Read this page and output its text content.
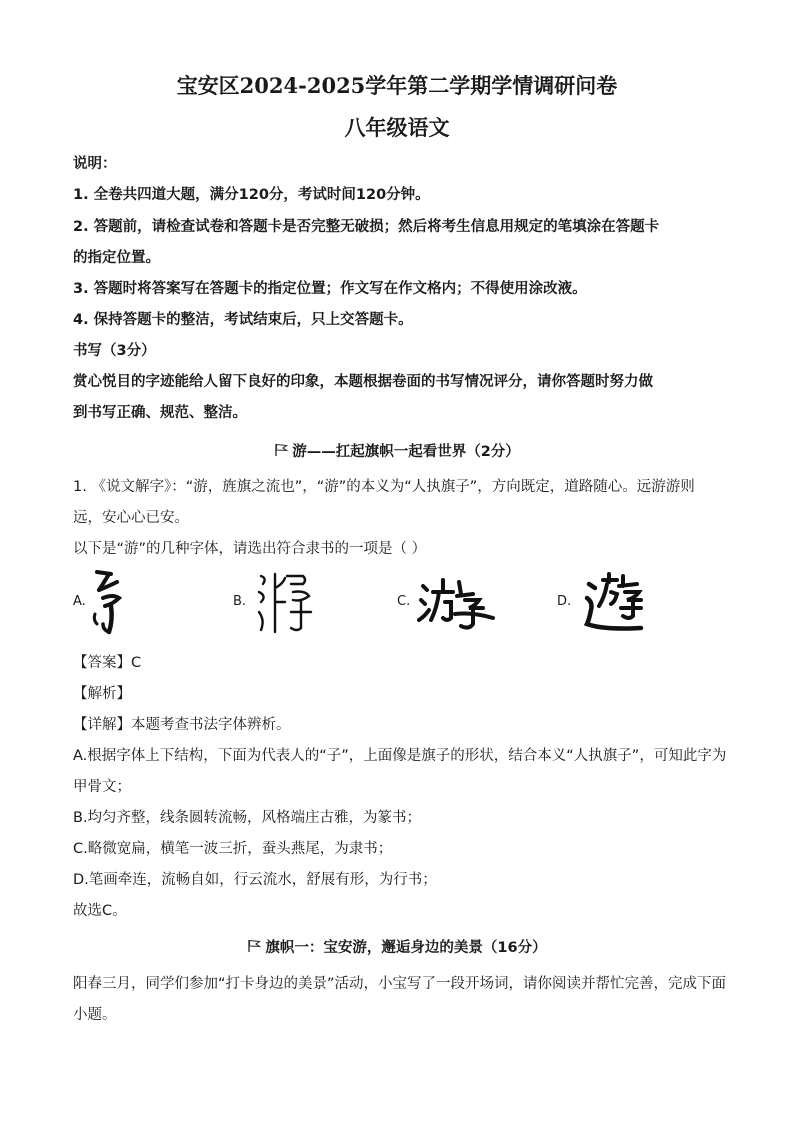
宝安区2024-2025学年第二学期学情调研问卷
八年级语文
说明：
1. 全卷共四道大题，满分120分，考试时间120分钟。
2. 答题前，请检查试卷和答题卡是否完整无破损；然后将考生信息用规定的笔填涂在答题卡
的指定位置。
3. 答题时将答案写在答题卡的指定位置；作文写在作文格内；不得使用涂改液。
4. 保持答题卡的整洁，考试结束后，只上交答题卡。
书写（3分）
赏心悦目的字迹能给人留下良好的印象，本题根据卷面的书写情况评分，请你答题时努力做
到书写正确、规范、整洁。
游——扛起旗帜一起看世界（2分）
1. 《说文解字》：“游，旌旗之流也”，“游”的本义为“人执旗子”，方向既定，道路随心。远游游则
远，安心心已安。
以下是“游”的几种字体，请选出符合隶书的一项是（ ）
A.	B.	C.	D.
【答案】C
【解析】
【详解】本题考查书法字体辨析。
A.根据字体上下结构，下面为代表人的“子”，上面像是旗子的形状，结合本义“人执旗子”，可知此字为
甲骨文；
B.均匀齐整，线条圆转流畅，风格端庄古雅，为篆书；
C.略微宽扁，横笔一波三折，蚕头燕尾，为隶书；
D.笔画牵连，流畅自如，行云流水，舒展有形，为行书；
故选C。
旗帜一：宝安游，邂逅身边的美景（16分）
阳春三月，同学们参加“打卡身边的美景”活动，小宝写了一段开场词，请你阅读并帮忙完善，完成下面
小题。
